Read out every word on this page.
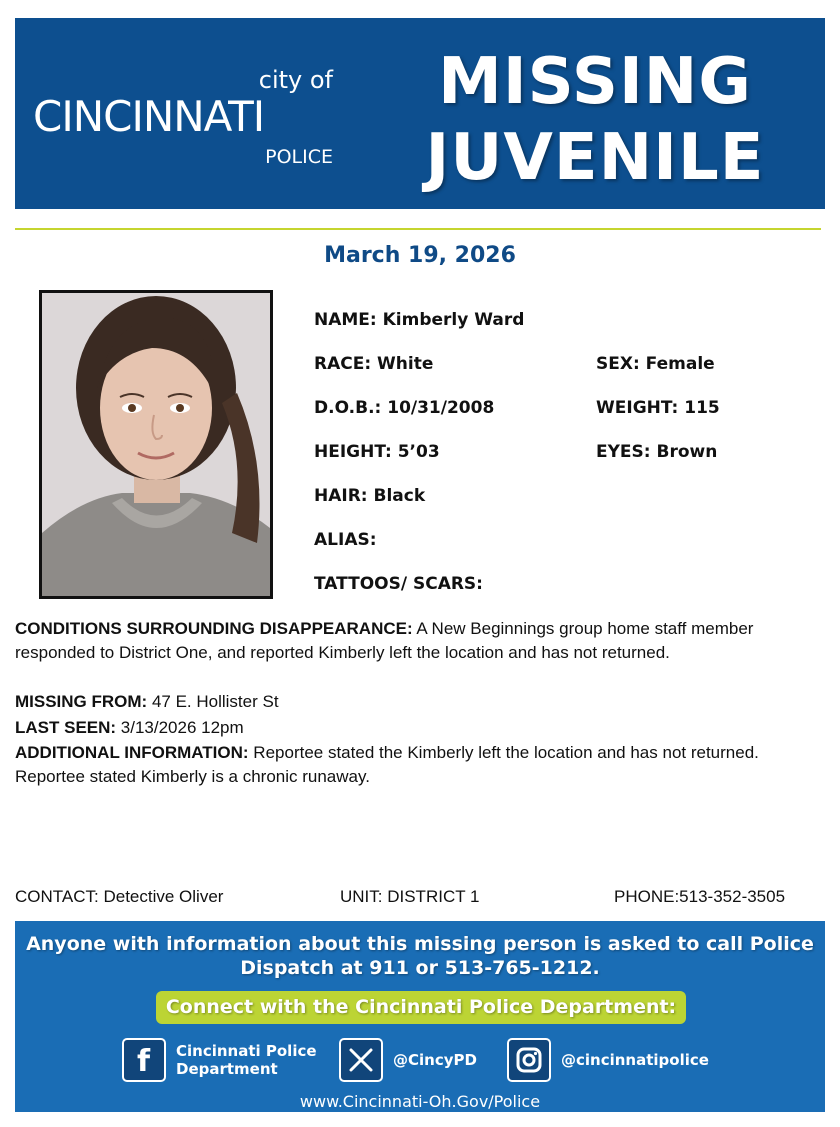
city of
CINCINNATI
POLICE
MISSING
JUVENILE
March 19, 2026
NAME: Kimberly Ward
RACE: White	SEX: Female
D.O.B.: 10/31/2008	WEIGHT: 115
HEIGHT: 5’03	EYES: Brown
HAIR: Black
ALIAS:
TATTOOS/ SCARS:
CONDITIONS SURROUNDING DISAPPEARANCE: A New Beginnings group home staff member responded to District One, and reported Kimberly left the location and has not returned.
MISSING FROM: 47 E. Hollister St
LAST SEEN: 3/13/2026 12pm
ADDITIONAL INFORMATION: Reportee stated the Kimberly left the location and has not returned. Reportee stated Kimberly is a chronic runaway.
CONTACT: Detective Oliver	UNIT: DISTRICT 1	PHONE:513-352-3505
Anyone with information about this missing person is asked to call Police
Dispatch at 911 or 513-765-1212.
Connect with the Cincinnati Police Department:
f Cincinnati Police
Department	@CincyPD	@cincinnatipolice
www.Cincinnati-Oh.Gov/Police
